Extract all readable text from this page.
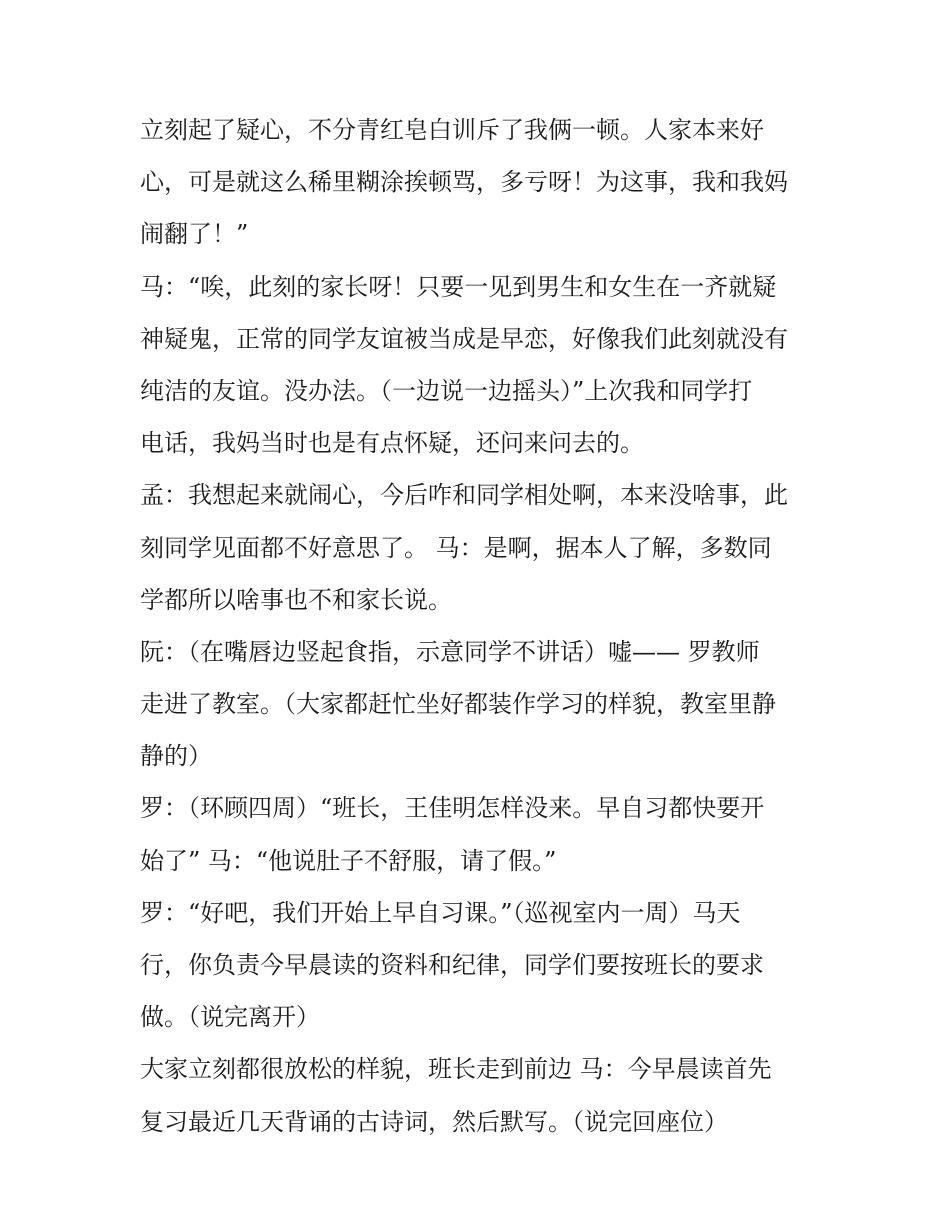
立刻起了疑心，不分青红皂白训斥了我俩一顿。人家本来好
心，可是就这么稀里糊涂挨顿骂，多亏呀！为这事，我和我妈
闹翻了！”
马：“唉，此刻的家长呀！只要一见到男生和女生在一齐就疑
神疑鬼，正常的同学友谊被当成是早恋，好像我们此刻就没有
纯洁的友谊。没办法。（一边说一边摇头）”上次我和同学打
电话，我妈当时也是有点怀疑，还问来问去的。
孟：我想起来就闹心，今后咋和同学相处啊，本来没啥事，此
刻同学见面都不好意思了。 马：是啊，据本人了解，多数同
学都所以啥事也不和家长说。
阮：（在嘴唇边竖起食指，示意同学不讲话）嘘—— 罗教师
走进了教室。（大家都赶忙坐好都装作学习的样貌，教室里静
静的）
罗：（环顾四周）“班长，王佳明怎样没来。早自习都快要开
始了” 马：“他说肚子不舒服，请了假。”
罗：“好吧，我们开始上早自习课。”（巡视室内一周）马天
行，你负责今早晨读的资料和纪律，同学们要按班长的要求
做。（说完离开）
大家立刻都很放松的样貌，班长走到前边 马：今早晨读首先
复习最近几天背诵的古诗词，然后默写。（说完回座位）
